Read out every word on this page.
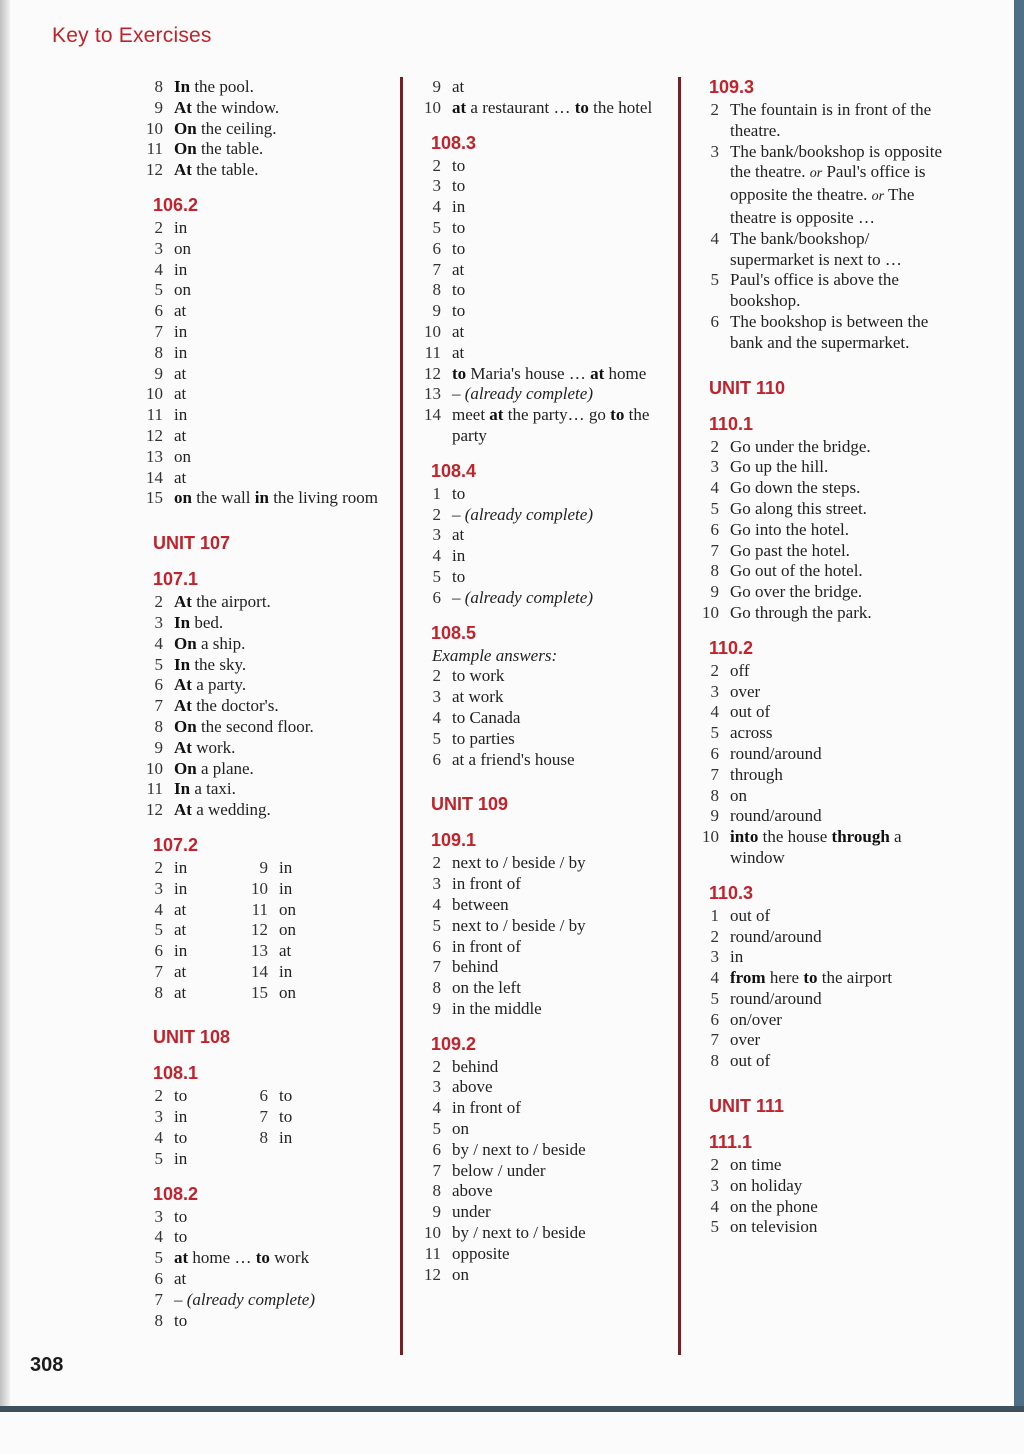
Key to Exercises
8 In the pool.
9 At the window.
10 On the ceiling.
11 On the table.
12 At the table.
106.2
2 in
3 on
4 in
5 on
6 at
7 in
8 in
9 at
10 at
11 in
12 at
13 on
14 at
15 on the wall in the living room
UNIT 107
107.1
2 At the airport.
3 In bed.
4 On a ship.
5 In the sky.
6 At a party.
7 At the doctor's.
8 On the second floor.
9 At work.
10 On a plane.
11 In a taxi.
12 At a wedding.
107.2
2 in
3 in
4 at
5 at
6 in
7 at
8 at
9 in
10 in
11 on
12 on
13 at
14 in
15 on
UNIT 108
108.1
2 to
3 in
4 to
5 in
6 to
7 to
8 in
108.2
3 to
4 to
5 at home … to work
6 at
7 – (already complete)
8 to
9 at
10 at a restaurant … to the hotel
108.3
2 to
3 to
4 in
5 to
6 to
7 at
8 to
9 to
10 at
11 at
12 to Maria's house … at home
13 – (already complete)
14 meet at the party… go to the party
108.4
1 to
2 – (already complete)
3 at
4 in
5 to
6 – (already complete)
108.5
Example answers:
2 to work
3 at work
4 to Canada
5 to parties
6 at a friend's house
UNIT 109
109.1
2 next to / beside / by
3 in front of
4 between
5 next to / beside / by
6 in front of
7 behind
8 on the left
9 in the middle
109.2
2 behind
3 above
4 in front of
5 on
6 by / next to / beside
7 below / under
8 above
9 under
10 by / next to / beside
11 opposite
12 on
109.3
2 The fountain is in front of the theatre.
3 The bank/bookshop is opposite the theatre. or Paul's office is opposite the theatre. or The theatre is opposite …
4 The bank/bookshop/ supermarket is next to …
5 Paul's office is above the bookshop.
6 The bookshop is between the bank and the supermarket.
UNIT 110
110.1
2 Go under the bridge.
3 Go up the hill.
4 Go down the steps.
5 Go along this street.
6 Go into the hotel.
7 Go past the hotel.
8 Go out of the hotel.
9 Go over the bridge.
10 Go through the park.
110.2
2 off
3 over
4 out of
5 across
6 round/around
7 through
8 on
9 round/around
10 into the house through a window
110.3
1 out of
2 round/around
3 in
4 from here to the airport
5 round/around
6 on/over
7 over
8 out of
UNIT 111
111.1
2 on time
3 on holiday
4 on the phone
5 on television
308
